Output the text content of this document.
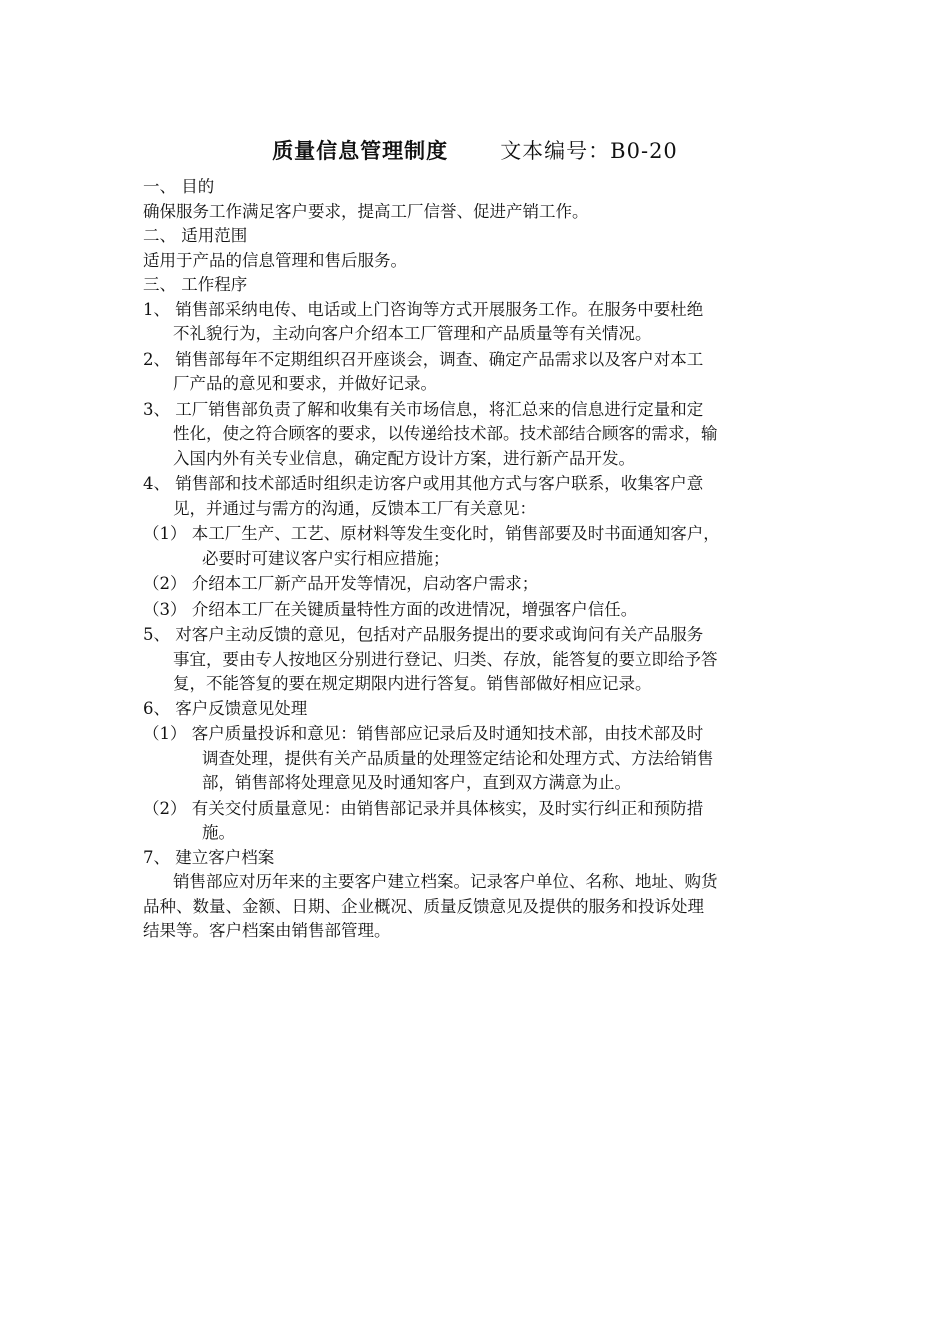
质量信息管理制度 文本编号：B0-20
一、 目的
确保服务工作满足客户要求，提高工厂信誉、促进产销工作。
二、 适用范围
适用于产品的信息管理和售后服务。
三、 工作程序
1、 销售部采纳电传、电话或上门咨询等方式开展服务工作。在服务中要杜绝
不礼貌行为，主动向客户介绍本工厂管理和产品质量等有关情况。
2、 销售部每年不定期组织召开座谈会，调查、确定产品需求以及客户对本工
厂产品的意见和要求，并做好记录。
3、 工厂销售部负责了解和收集有关市场信息，将汇总来的信息进行定量和定
性化，使之符合顾客的要求，以传递给技术部。技术部结合顾客的需求，输
入国内外有关专业信息，确定配方设计方案，进行新产品开发。
4、 销售部和技术部适时组织走访客户或用其他方式与客户联系，收集客户意
见，并通过与需方的沟通，反馈本工厂有关意见：
（1） 本工厂生产、工艺、原材料等发生变化时，销售部要及时书面通知客户，
必要时可建议客户实行相应措施；
（2） 介绍本工厂新产品开发等情况，启动客户需求；
（3） 介绍本工厂在关键质量特性方面的改进情况，增强客户信任。
5、 对客户主动反馈的意见，包括对产品服务提出的要求或询问有关产品服务
事宜，要由专人按地区分别进行登记、归类、存放，能答复的要立即给予答
复，不能答复的要在规定期限内进行答复。销售部做好相应记录。
6、 客户反馈意见处理
（1） 客户质量投诉和意见：销售部应记录后及时通知技术部，由技术部及时
调查处理，提供有关产品质量的处理签定结论和处理方式、方法给销售
部，销售部将处理意见及时通知客户，直到双方满意为止。
（2） 有关交付质量意见：由销售部记录并具体核实，及时实行纠正和预防措
施。
7、 建立客户档案
销售部应对历年来的主要客户建立档案。记录客户单位、名称、地址、购货
品种、数量、金额、日期、企业概况、质量反馈意见及提供的服务和投诉处理
结果等。客户档案由销售部管理。
